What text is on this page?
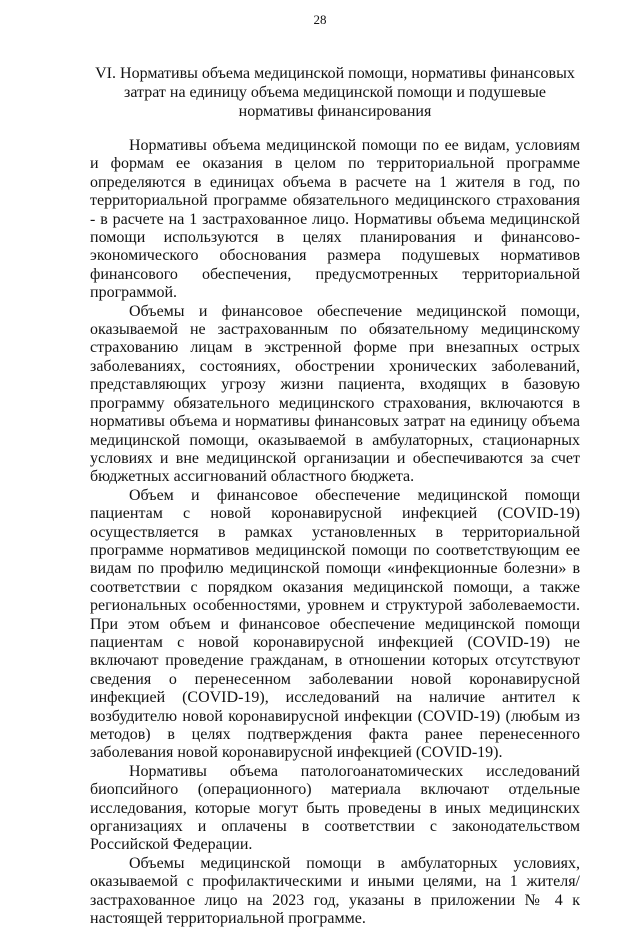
28
VI. Нормативы объема медицинской помощи, нормативы финансовых затрат на единицу объема медицинской помощи и подушевые нормативы финансирования

Нормативы объема медицинской помощи по ее видам, условиям и формам ее оказания в целом по территориальной программе определяются в единицах объема в расчете на 1 жителя в год, по территориальной программе обязательного медицинского страхования - в расчете на 1 застрахованное лицо. Нормативы объема медицинской помощи используются в целях планирования и финансово-экономического обоснования размера подушевых нормативов финансового обеспечения, предусмотренных территориальной программой.

Объемы и финансовое обеспечение медицинской помощи, оказываемой не застрахованным по обязательному медицинскому страхованию лицам в экстренной форме при внезапных острых заболеваниях, состояниях, обострении хронических заболеваний, представляющих угрозу жизни пациента, входящих в базовую программу обязательного медицинского страхования, включаются в нормативы объема и нормативы финансовых затрат на единицу объема медицинской помощи, оказываемой в амбулаторных, стационарных условиях и вне медицинской организации и обеспечиваются за счет бюджетных ассигнований областного бюджета.

Объем и финансовое обеспечение медицинской помощи пациентам с новой коронавирусной инфекцией (COVID-19) осуществляется в рамках установленных в территориальной программе нормативов медицинской помощи по соответствующим ее видам по профилю медицинской помощи «инфекционные болезни» в соответствии с порядком оказания медицинской помощи, а также региональных особенностями, уровнем и структурой заболеваемости. При этом объем и финансовое обеспечение медицинской помощи пациентам с новой коронавирусной инфекцией (COVID-19) не включают проведение гражданам, в отношении которых отсутствуют сведения о перенесенном заболевании новой коронавирусной инфекцией (COVID-19), исследований на наличие антител к возбудителю новой коронавирусной инфекции (COVID-19) (любым из методов) в целях подтверждения факта ранее перенесенного заболевания новой коронавирусной инфекцией (COVID-19).

Нормативы объема патологоанатомических исследований биопсийного (операционного) материала включают отдельные исследования, которые могут быть проведены в иных медицинских организациях и оплачены в соответствии с законодательством Российской Федерации.

Объемы медицинской помощи в амбулаторных условиях, оказываемой с профилактическими и иными целями, на 1 жителя/застрахованное лицо на 2023 год, указаны в приложении № 4 к настоящей территориальной программе.
